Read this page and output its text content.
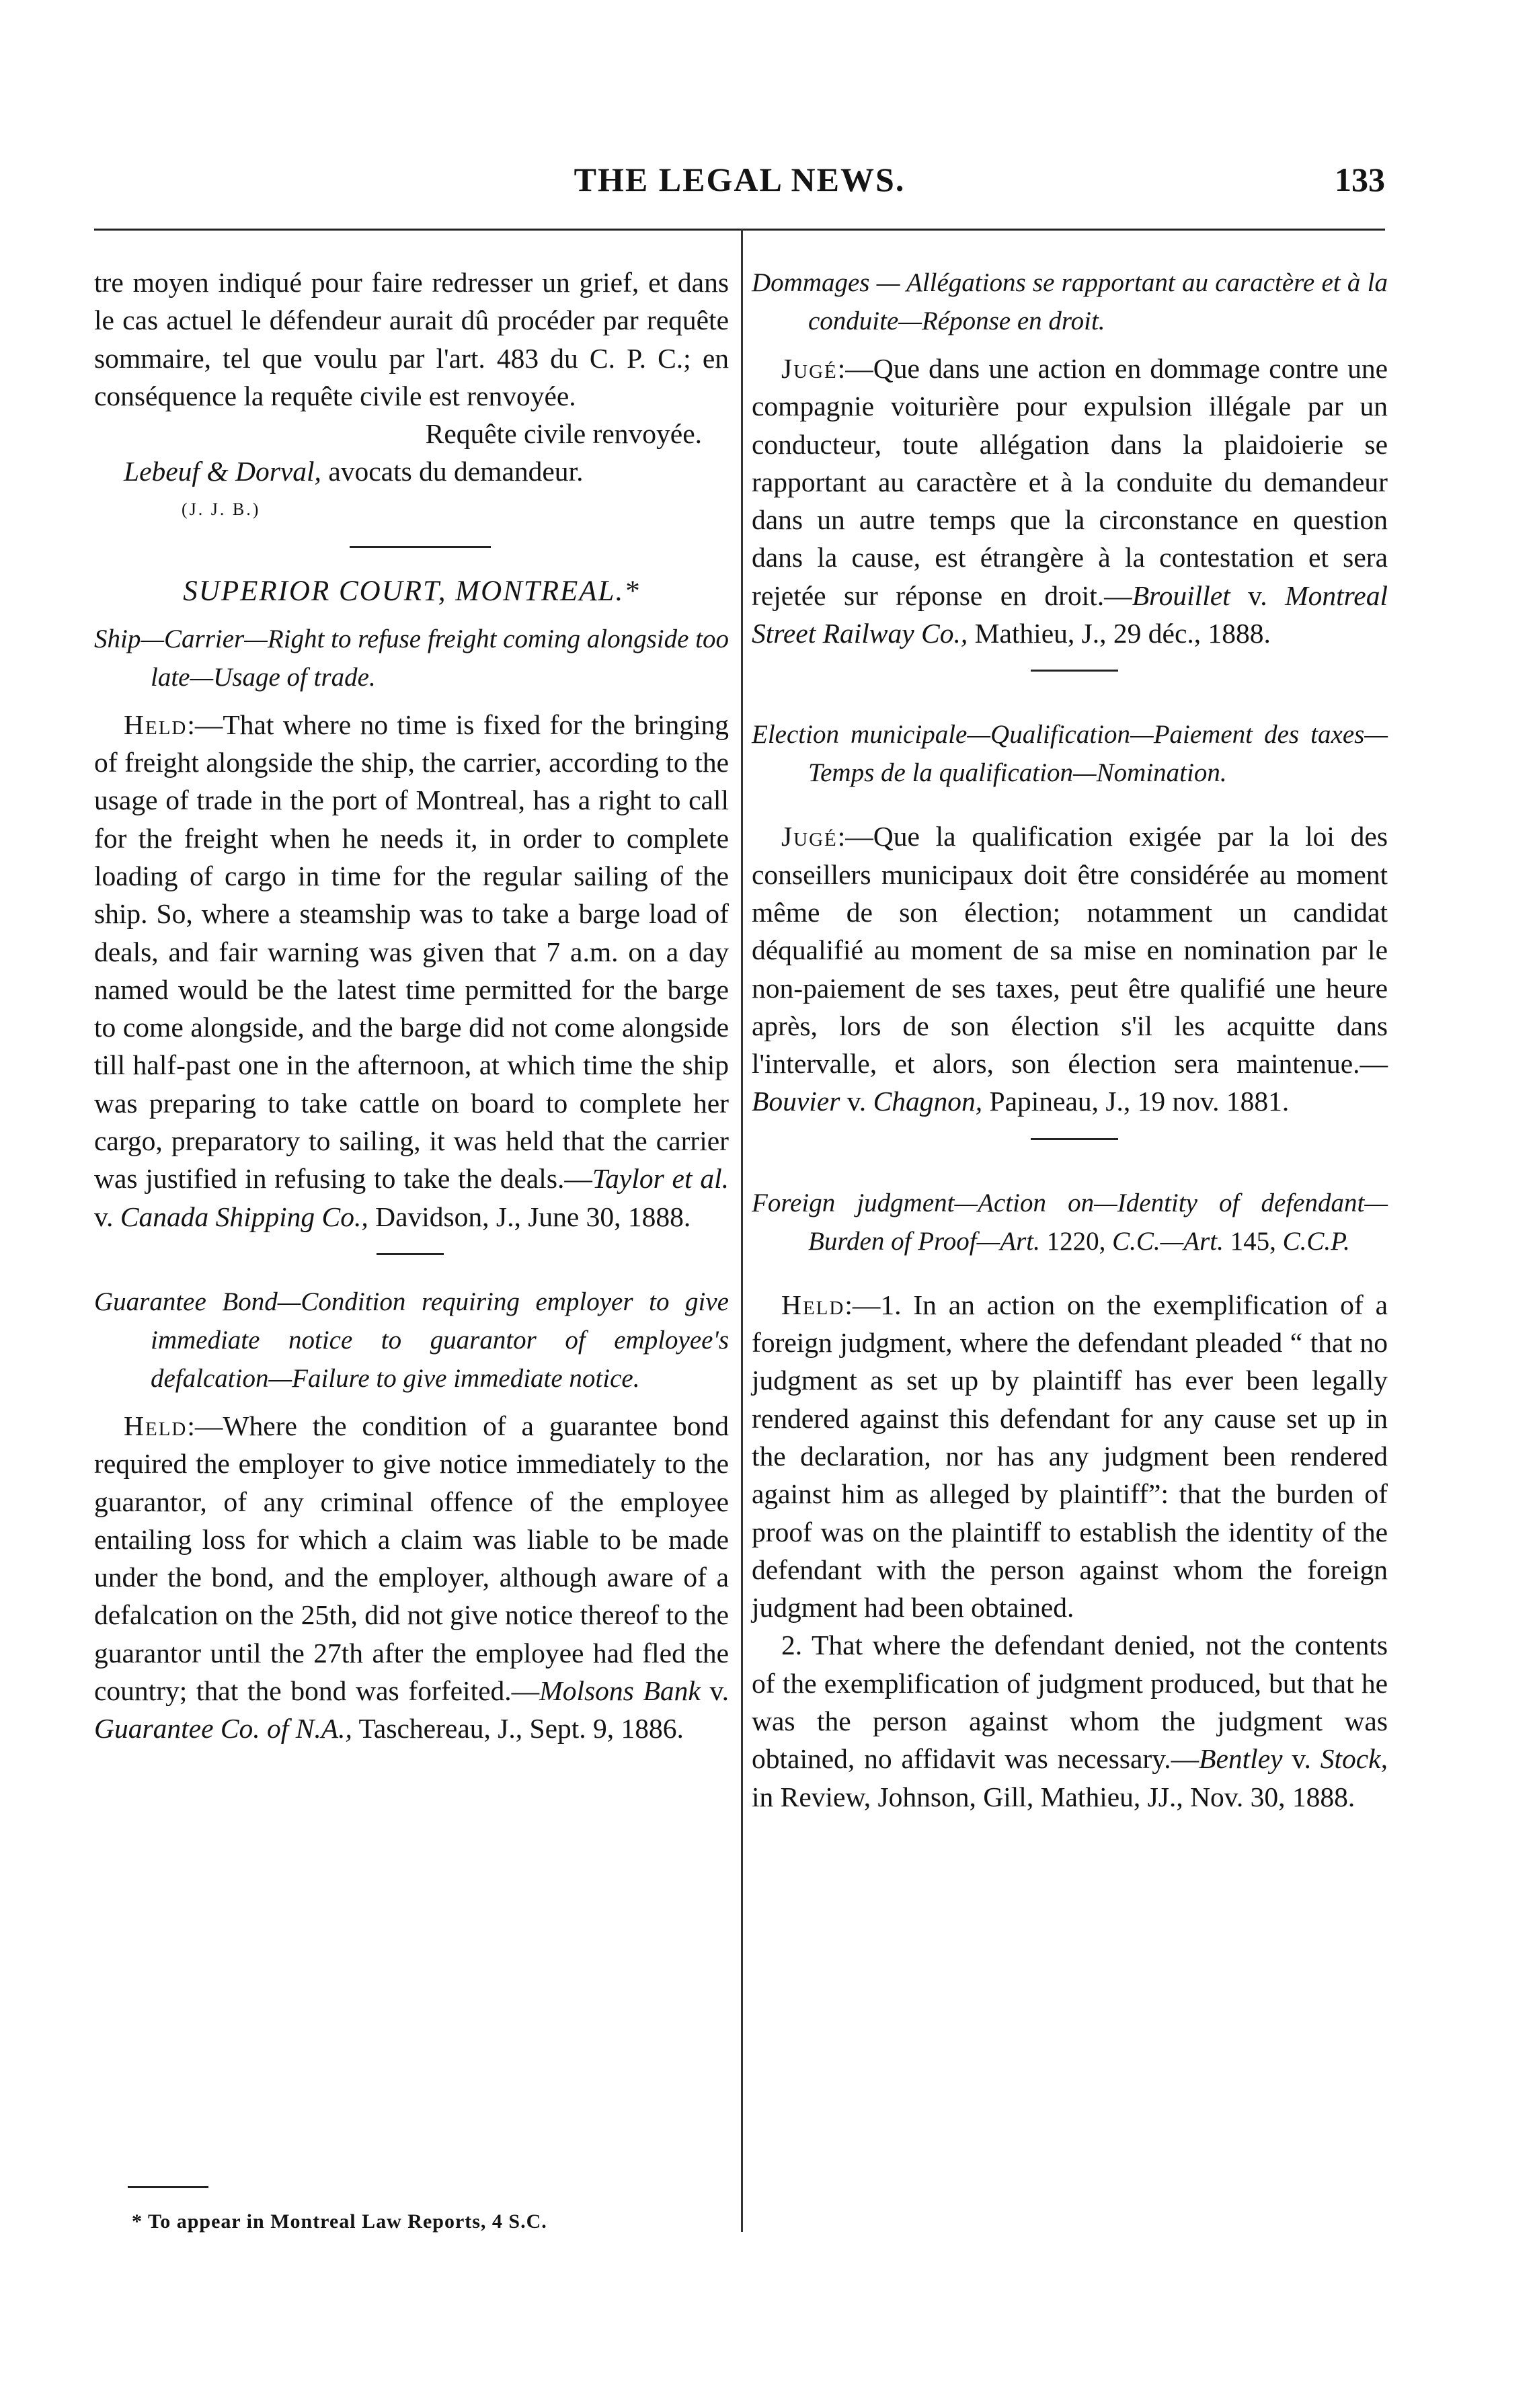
THE LEGAL NEWS.	133

tre moyen indiqué pour faire redresser un grief, et dans le cas actuel le défendeur aurait dû procéder par requête sommaire, tel que voulu par l'art. 483 du C. P. C.; en conséquence la requête civile est renvoyée.

Requête civile renvoyée.

Lebeuf & Dorval, avocats du demandeur.

(J. J. B.)

SUPERIOR COURT, MONTREAL.*

Ship—Carrier—Right to refuse freight coming alongside too late—Usage of trade.

Held:—That where no time is fixed for the bringing of freight alongside the ship, the carrier, according to the usage of trade in the port of Montreal, has a right to call for the freight when he needs it, in order to complete loading of cargo in time for the regular sailing of the ship. So, where a steamship was to take a barge load of deals, and fair warning was given that 7 a.m. on a day named would be the latest time permitted for the barge to come alongside, and the barge did not come alongside till half-past one in the afternoon, at which time the ship was preparing to take cattle on board to complete her cargo, preparatory to sailing, it was held that the carrier was justified in refusing to take the deals.—Taylor et al. v. Canada Shipping Co., Davidson, J., June 30, 1888.

Guarantee Bond—Condition requiring employer to give immediate notice to guarantor of employee's defalcation—Failure to give immediate notice.

Held:—Where the condition of a guarantee bond required the employer to give notice immediately to the guarantor, of any criminal offence of the employee entailing loss for which a claim was liable to be made under the bond, and the employer, although aware of a defalcation on the 25th, did not give notice thereof to the guarantor until the 27th after the employee had fled the country; that the bond was forfeited.—Molsons Bank v. Guarantee Co. of N.A., Taschereau, J., Sept. 9, 1886.

* To appear in Montreal Law Reports, 4 S.C.

Dommages — Allégations se rapportant au caractère et à la conduite—Réponse en droit.

Jugé:—Que dans une action en dommage contre une compagnie voiturière pour expulsion illégale par un conducteur, toute allégation dans la plaidoierie se rapportant au caractère et à la conduite du demandeur dans un autre temps que la circonstance en question dans la cause, est étrangère à la contestation et sera rejetée sur réponse en droit.—Brouillet v. Montreal Street Railway Co., Mathieu, J., 29 déc., 1888.

Election municipale—Qualification—Paiement des taxes—Temps de la qualification—Nomination.

Jugé:—Que la qualification exigée par la loi des conseillers municipaux doit être considérée au moment même de son élection; notamment un candidat déqualifié au moment de sa mise en nomination par le non-paiement de ses taxes, peut être qualifié une heure après, lors de son élection s'il les acquitte dans l'intervalle, et alors, son élection sera maintenue.—Bouvier v. Chagnon, Papineau, J., 19 nov. 1881.

Foreign judgment—Action on—Identity of defendant—Burden of Proof—Art. 1220, C.C.—Art. 145, C.C.P.

Held:—1. In an action on the exemplification of a foreign judgment, where the defendant pleaded “ that no judgment as set up by plaintiff has ever been legally rendered against this defendant for any cause set up in the declaration, nor has any judgment been rendered against him as alleged by plaintiff”: that the burden of proof was on the plaintiff to establish the identity of the defendant with the person against whom the foreign judgment had been obtained.

2. That where the defendant denied, not the contents of the exemplification of judgment produced, but that he was the person against whom the judgment was obtained, no affidavit was necessary.—Bentley v. Stock, in Review, Johnson, Gill, Mathieu, JJ., Nov. 30, 1888.
